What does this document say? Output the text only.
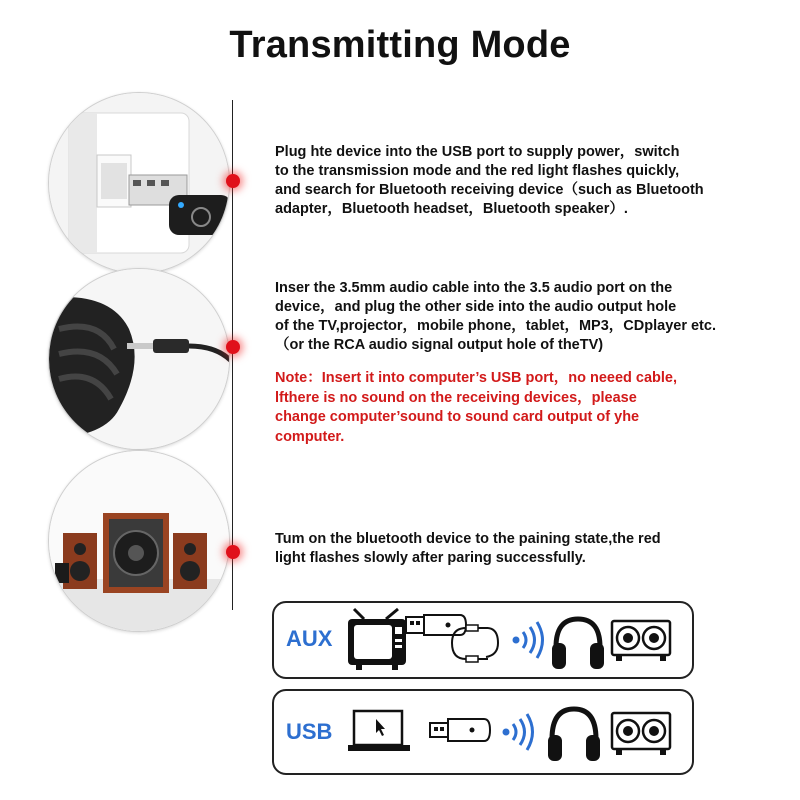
Transmitting Mode
Plug hte device into the USB port to supply power，switch
to the transmission mode and the red light flashes quickly,
and search for Bluetooth receiving device（such as Bluetooth
adapter，Bluetooth headset，Bluetooth speaker）.
Inser the 3.5mm audio cable into the 3.5 audio port on the
device，and plug the other side into the audio output hole
of the TV,projector，mobile phone，tablet，MP3，CDplayer etc.
（or the RCA audio signal output hole of theTV)
Note：Insert it into computer’s USB port，no neeed cable,
lfthere is no sound on the receiving devices，please
change computer’sound to sound card output of yhe
computer.
Tum on the bluetooth device to the paining state,the red
light flashes slowly after paring successfully.
AUX
USB
